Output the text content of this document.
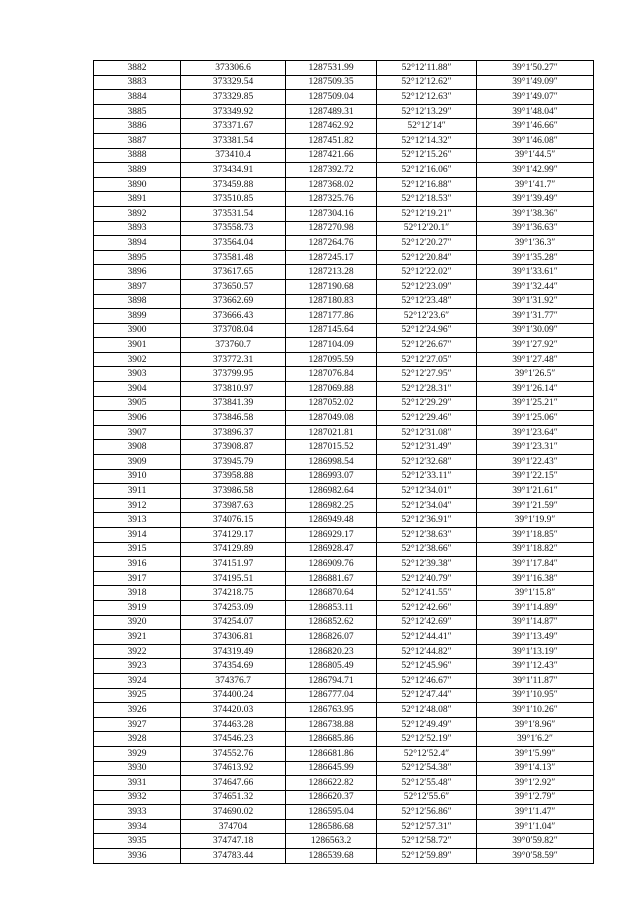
3882	373306.6	1287531.99	52°12′11.88″	39°1′50.27″
3883	373329.54	1287509.35	52°12′12.62″	39°1′49.09″
3884	373329.85	1287509.04	52°12′12.63″	39°1′49.07″
3885	373349.92	1287489.31	52°12′13.29″	39°1′48.04″
3886	373371.67	1287462.92	52°12′14″	39°1′46.66″
3887	373381.54	1287451.82	52°12′14.32″	39°1′46.08″
3888	373410.4	1287421.66	52°12′15.26″	39°1′44.5″
3889	373434.91	1287392.72	52°12′16.06″	39°1′42.99″
3890	373459.88	1287368.02	52°12′16.88″	39°1′41.7″
3891	373510.85	1287325.76	52°12′18.53″	39°1′39.49″
3892	373531.54	1287304.16	52°12′19.21″	39°1′38.36″
3893	373558.73	1287270.98	52°12′20.1″	39°1′36.63″
3894	373564.04	1287264.76	52°12′20.27″	39°1′36.3″
3895	373581.48	1287245.17	52°12′20.84″	39°1′35.28″
3896	373617.65	1287213.28	52°12′22.02″	39°1′33.61″
3897	373650.57	1287190.68	52°12′23.09″	39°1′32.44″
3898	373662.69	1287180.83	52°12′23.48″	39°1′31.92″
3899	373666.43	1287177.86	52°12′23.6″	39°1′31.77″
3900	373708.04	1287145.64	52°12′24.96″	39°1′30.09″
3901	373760.7	1287104.09	52°12′26.67″	39°1′27.92″
3902	373772.31	1287095.59	52°12′27.05″	39°1′27.48″
3903	373799.95	1287076.84	52°12′27.95″	39°1′26.5″
3904	373810.97	1287069.88	52°12′28.31″	39°1′26.14″
3905	373841.39	1287052.02	52°12′29.29″	39°1′25.21″
3906	373846.58	1287049.08	52°12′29.46″	39°1′25.06″
3907	373896.37	1287021.81	52°12′31.08″	39°1′23.64″
3908	373908.87	1287015.52	52°12′31.49″	39°1′23.31″
3909	373945.79	1286998.54	52°12′32.68″	39°1′22.43″
3910	373958.88	1286993.07	52°12′33.11″	39°1′22.15″
3911	373986.58	1286982.64	52°12′34.01″	39°1′21.61″
3912	373987.63	1286982.25	52°12′34.04″	39°1′21.59″
3913	374076.15	1286949.48	52°12′36.91″	39°1′19.9″
3914	374129.17	1286929.17	52°12′38.63″	39°1′18.85″
3915	374129.89	1286928.47	52°12′38.66″	39°1′18.82″
3916	374151.97	1286909.76	52°12′39.38″	39°1′17.84″
3917	374195.51	1286881.67	52°12′40.79″	39°1′16.38″
3918	374218.75	1286870.64	52°12′41.55″	39°1′15.8″
3919	374253.09	1286853.11	52°12′42.66″	39°1′14.89″
3920	374254.07	1286852.62	52°12′42.69″	39°1′14.87″
3921	374306.81	1286826.07	52°12′44.41″	39°1′13.49″
3922	374319.49	1286820.23	52°12′44.82″	39°1′13.19″
3923	374354.69	1286805.49	52°12′45.96″	39°1′12.43″
3924	374376.7	1286794.71	52°12′46.67″	39°1′11.87″
3925	374400.24	1286777.04	52°12′47.44″	39°1′10.95″
3926	374420.03	1286763.95	52°12′48.08″	39°1′10.26″
3927	374463.28	1286738.88	52°12′49.49″	39°1′8.96″
3928	374546.23	1286685.86	52°12′52.19″	39°1′6.2″
3929	374552.76	1286681.86	52°12′52.4″	39°1′5.99″
3930	374613.92	1286645.99	52°12′54.38″	39°1′4.13″
3931	374647.66	1286622.82	52°12′55.48″	39°1′2.92″
3932	374651.32	1286620.37	52°12′55.6″	39°1′2.79″
3933	374690.02	1286595.04	52°12′56.86″	39°1′1.47″
3934	374704	1286586.68	52°12′57.31″	39°1′1.04″
3935	374747.18	1286563.2	52°12′58.72″	39°0′59.82″
3936	374783.44	1286539.68	52°12′59.89″	39°0′58.59″
